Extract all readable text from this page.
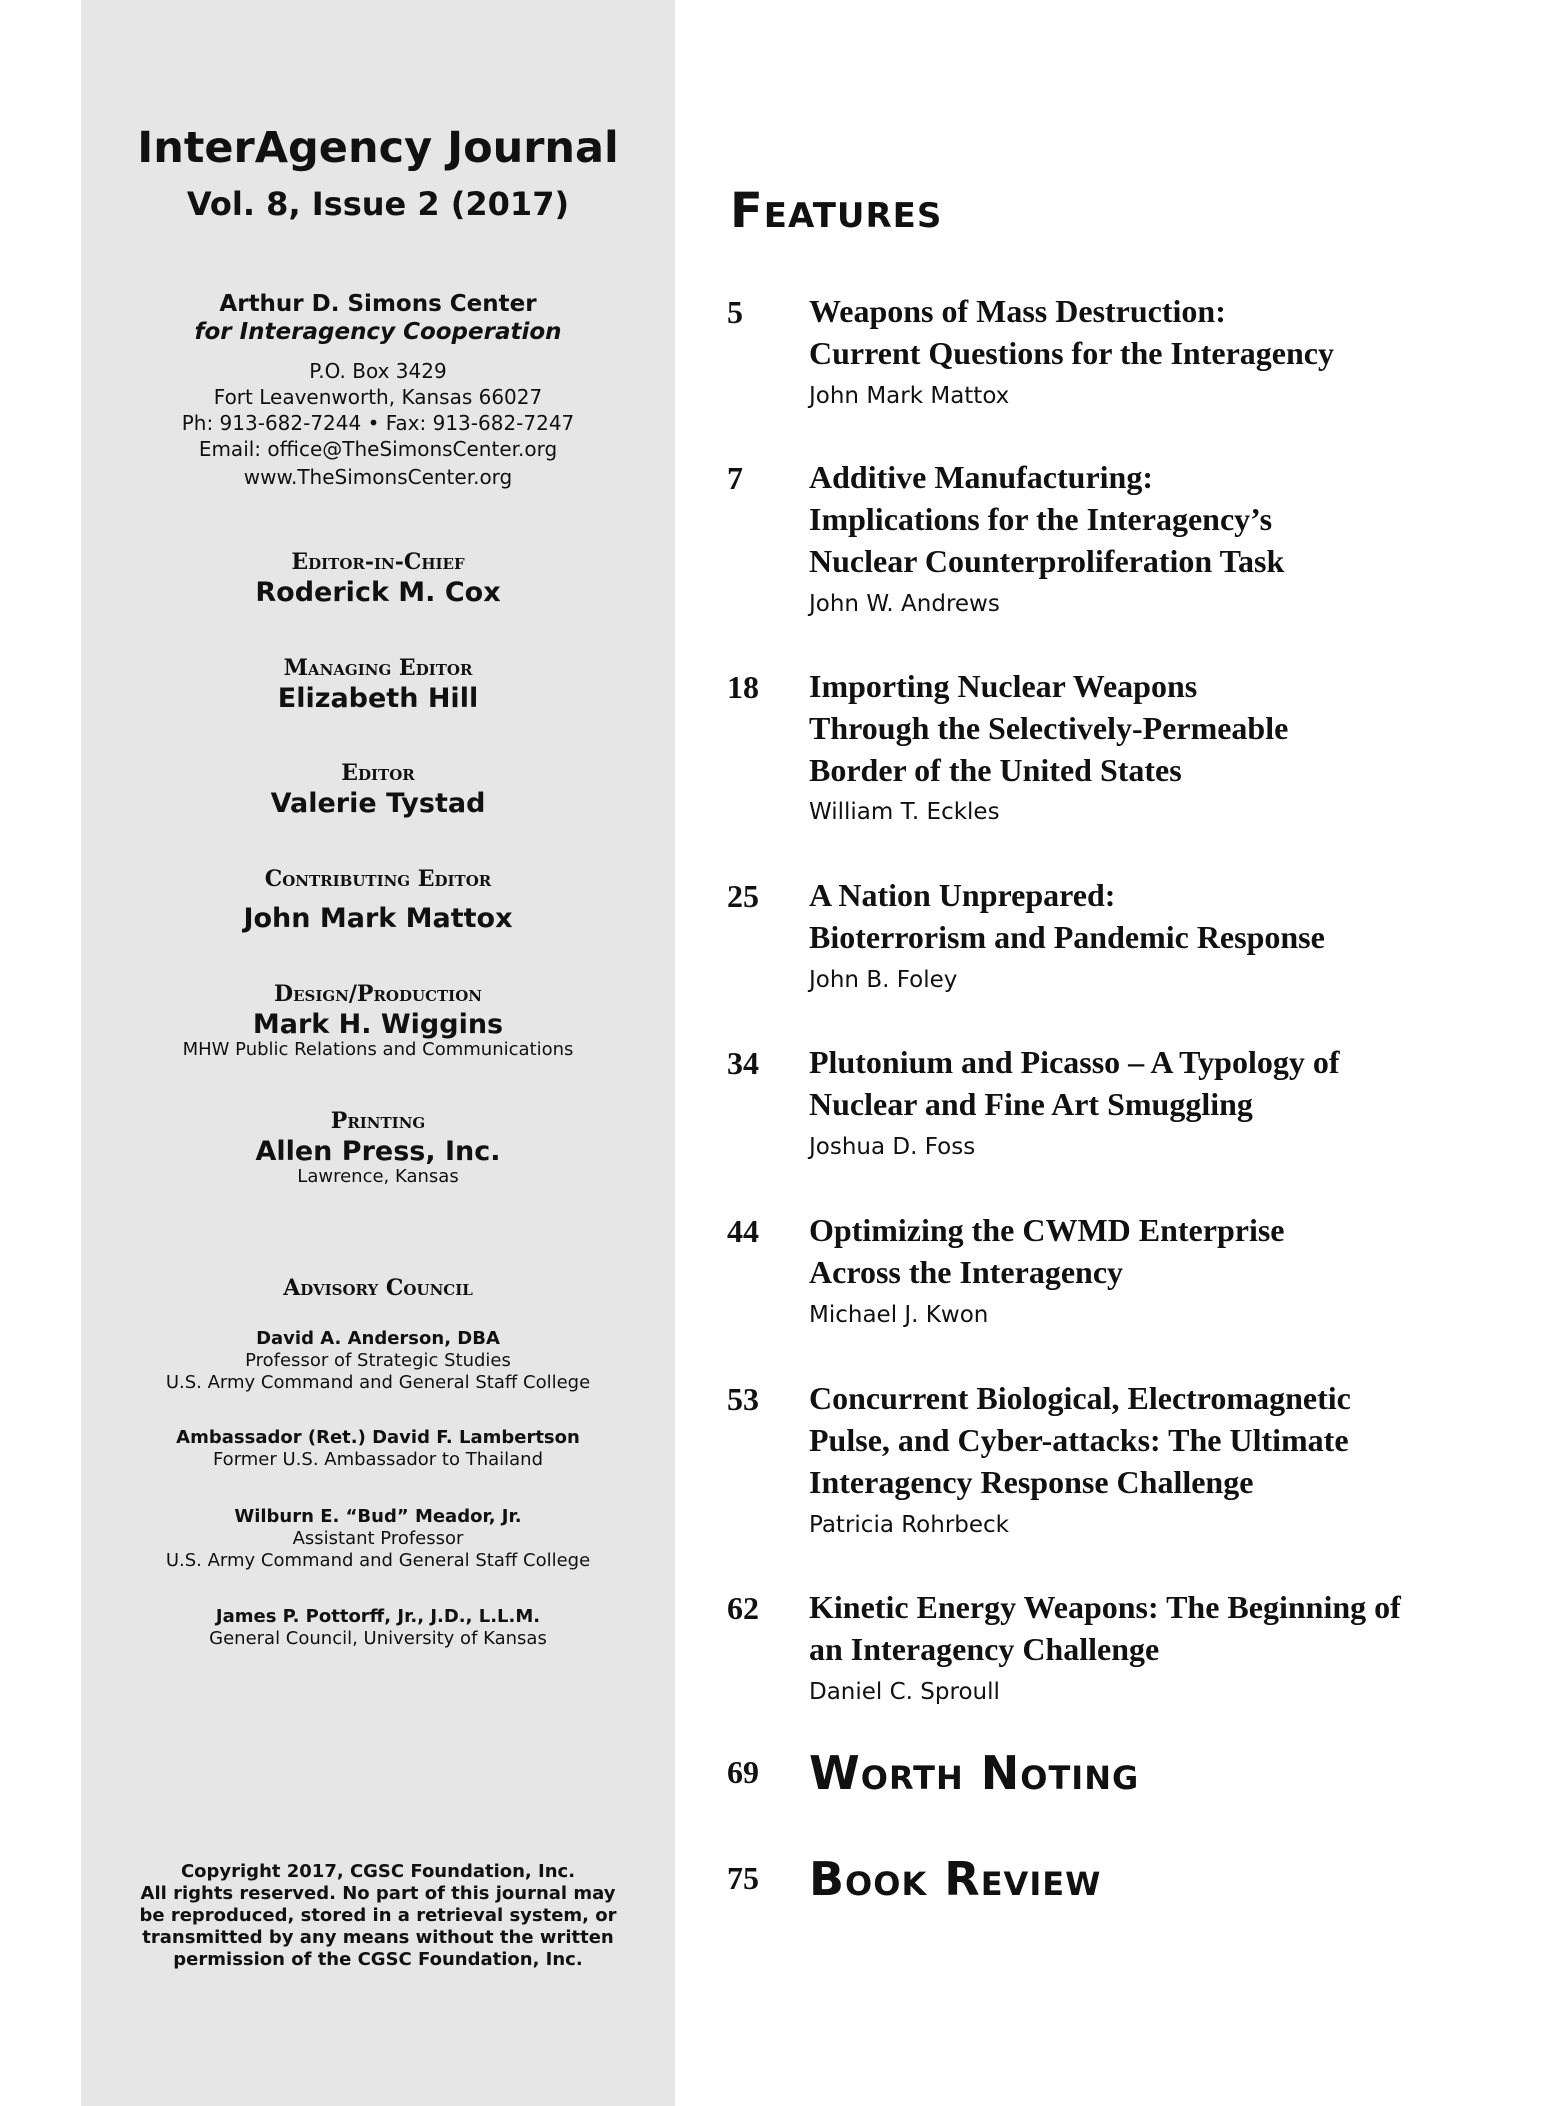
InterAgency Journal
Vol. 8, Issue 2 (2017)
Arthur D. Simons Center
for Interagency Cooperation
P.O. Box 3429
Fort Leavenworth, Kansas 66027
Ph: 913-682-7244 • Fax: 913-682-7247
Email: office@TheSimonsCenter.org
www.TheSimonsCenter.org
Editor-in-Chief
Roderick M. Cox
Managing Editor
Elizabeth Hill
Editor
Valerie Tystad
Contributing Editor
John Mark Mattox
Design/Production
Mark H. Wiggins
MHW Public Relations and Communications
Printing
Allen Press, Inc.
Lawrence, Kansas
Advisory Council
David A. Anderson, DBA
Professor of Strategic Studies
U.S. Army Command and General Staff College
Ambassador (Ret.) David F. Lambertson
Former U.S. Ambassador to Thailand
Wilburn E. “Bud” Meador, Jr.
Assistant Professor
U.S. Army Command and General Staff College
James P. Pottorff, Jr., J.D., L.L.M.
General Council, University of Kansas
Copyright 2017, CGSC Foundation, Inc.
All rights reserved. No part of this journal may
be reproduced, stored in a retrieval system, or
transmitted by any means without the written
permission of the CGSC Foundation, Inc.
Features
5 Weapons of Mass Destruction:
Current Questions for the Interagency
John Mark Mattox
7 Additive Manufacturing:
Implications for the Interagency’s
Nuclear Counterproliferation Task
John W. Andrews
18 Importing Nuclear Weapons
Through the Selectively-Permeable
Border of the United States
William T. Eckles
25 A Nation Unprepared:
Bioterrorism and Pandemic Response
John B. Foley
34 Plutonium and Picasso – A Typology of
Nuclear and Fine Art Smuggling
Joshua D. Foss
44 Optimizing the CWMD Enterprise
Across the Interagency
Michael J. Kwon
53 Concurrent Biological, Electromagnetic
Pulse, and Cyber-attacks: The Ultimate
Interagency Response Challenge
Patricia Rohrbeck
62 Kinetic Energy Weapons: The Beginning of
an Interagency Challenge
Daniel C. Sproull
69 Worth Noting
75 Book Review
